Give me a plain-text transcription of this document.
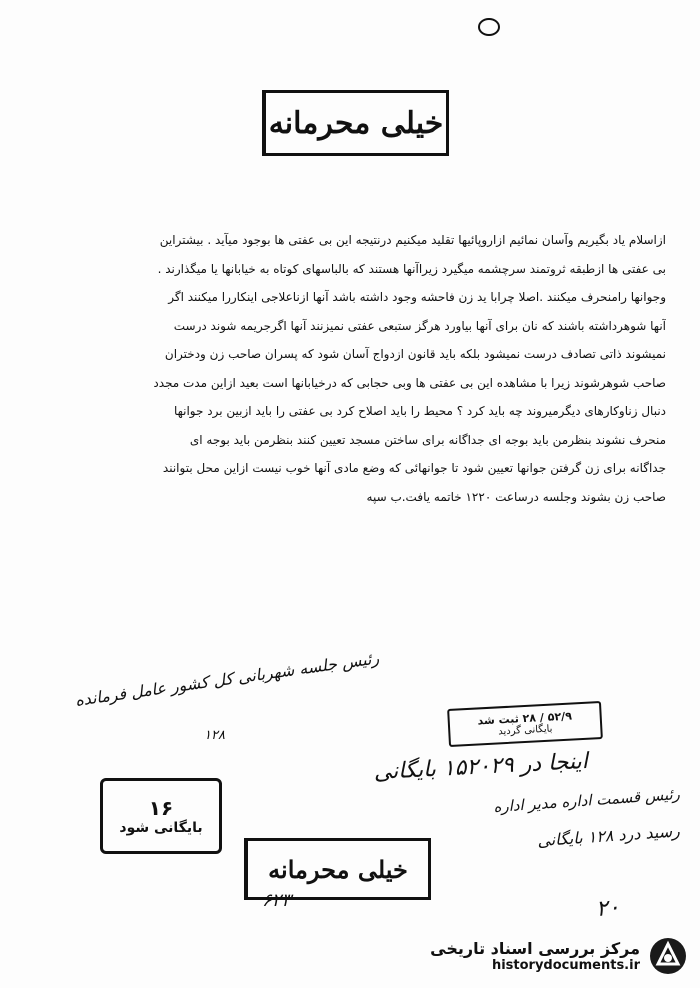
خیلی محرمانه
ازاسلام یاد بگیریم وآسان نمائیم ازاروپائیها تقلید میکنیم درنتیجه این بی عفتی ها بوجود میآید . بیشتراین
بی عفتی ها ازطبقه ثروتمند سرچشمه میگیرد زیراآنها هستند که بالباسهای کوتاه به خیابانها یا میگذارند .
وجوانها رامنحرف میکنند .اصلا چرابا ید زن فاحشه وجود داشته باشد آنها ازناعلاجی اینکاررا میکنند اگر
آنها شوهرداشته باشند که نان برای آنها بیاورد هرگز ستبعی عفتی نمیزنند آنها اگرجریمه شوند درست
نمیشوند ذاتی تصادف درست نمیشود بلکه باید قانون ازدواج آسان شود که پسران صاحب زن ودختران
صاحب شوهرشوند زیرا با مشاهده این بی عفتی ها وبی حجابی که درخیابانها است بعید ازاین مدت مجدد
دنبال زناوکارهای دیگرمیروند چه باید کرد ؟ محیط را باید اصلاح کرد بی عفتی را باید ازبین برد جوانها
منحرف نشوند بنظرمن باید بوجه ای جداگانه برای ساختن مسجد تعیین کنند بنظرمن باید بوجه ای
جداگانه برای زن گرفتن جوانها تعیین شود تا جوانهائی که وضع مادی آنها خوب نیست ازاین محل بتوانند
صاحب زن بشوند وجلسه درساعت ۱۲۲۰ خاتمه یافت.ب سپه
رئیس جلسه شهربانی کل کشور عامل فرمانده
۱۲۸
۵۲/۹ / ۲۸ ثبت شد
بایگانی گردید
اینجا در ۱۵۲۰۲۹ بایگانی
۱۶
بایگانی شود
رئیس قسمت اداره مدیر اداره
رسید درد ۱۲۸ بایگانی
خیلی محرمانه
۶۲۳	۲۰
مرکز بررسی اسناد تاریخی
historydocuments.ir
